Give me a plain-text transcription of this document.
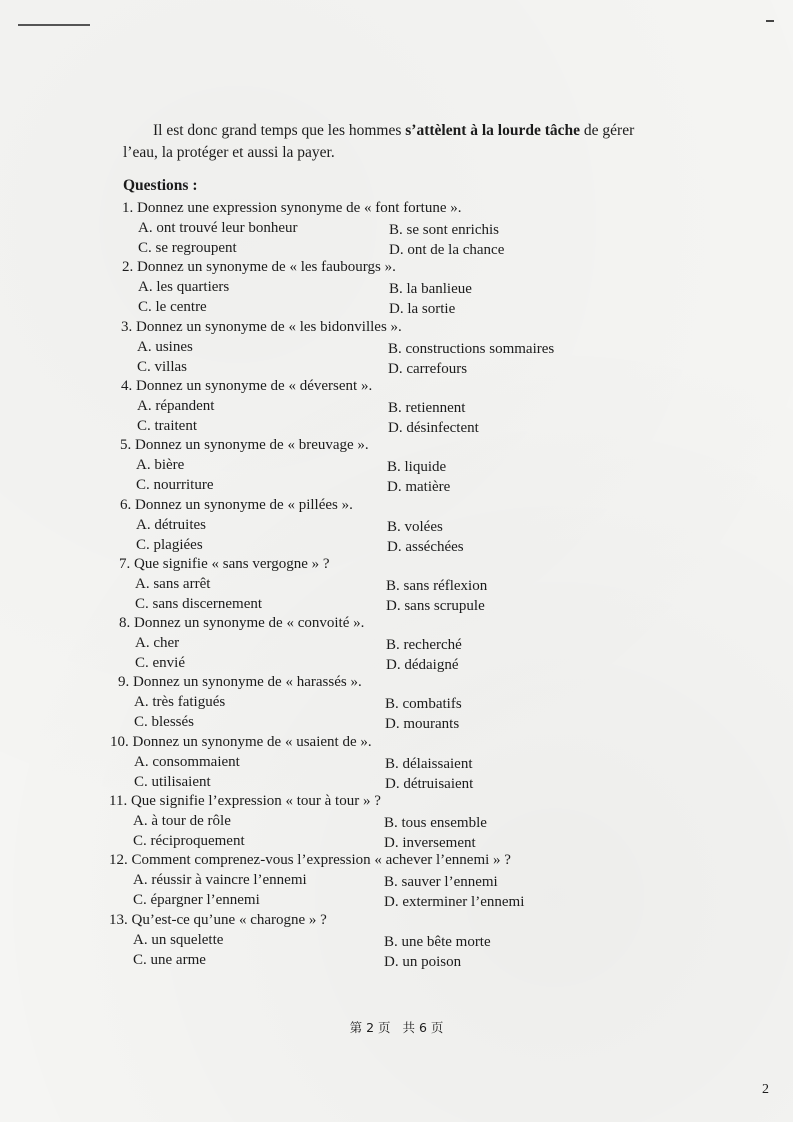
Il est donc grand temps que les hommes s’attèlent à la lourde tâche de gérer l’eau, la protéger et aussi la payer.

Questions :
1. Donnez une expression synonyme de « font fortune ».
A. ont trouvé leur bonheur	B. se sont enrichis
C. se regroupent	D. ont de la chance
2. Donnez un synonyme de « les faubourgs ».
A. les quartiers	B. la banlieue
C. le centre	D. la sortie
3. Donnez un synonyme de « les bidonvilles ».
A. usines	B. constructions sommaires
C. villas	D. carrefours
4. Donnez un synonyme de « déversent ».
A. répandent	B. retiennent
C. traitent	D. désinfectent
5. Donnez un synonyme de « breuvage ».
A. bière	B. liquide
C. nourriture	D. matière
6. Donnez un synonyme de « pillées ».
A. détruites	B. volées
C. plagiées	D. asséchées
7. Que signifie « sans vergogne » ?
A. sans arrêt	B. sans réflexion
C. sans discernement	D. sans scrupule
8. Donnez un synonyme de « convoité ».
A. cher	B. recherché
C. envié	D. dédaigné
9. Donnez un synonyme de « harassés ».
A. très fatigués	B. combatifs
C. blessés	D. mourants
10. Donnez un synonyme de « usaient de ».
A. consommaient	B. délaissaient
C. utilisaient	D. détruisaient
11. Que signifie l’expression « tour à tour » ?
A. à tour de rôle	B. tous ensemble
C. réciproquement	D. inversement
12. Comment comprenez-vous l’expression « achever l’ennemi » ?
A. réussir à vaincre l’ennemi	B. sauver l’ennemi
C. épargner l’ennemi	D. exterminer l’ennemi
13. Qu’est-ce qu’une « charogne » ?
A. un squelette	B. une bête morte
C. une arme	D. un poison
第 2 页 共 6 页
2
